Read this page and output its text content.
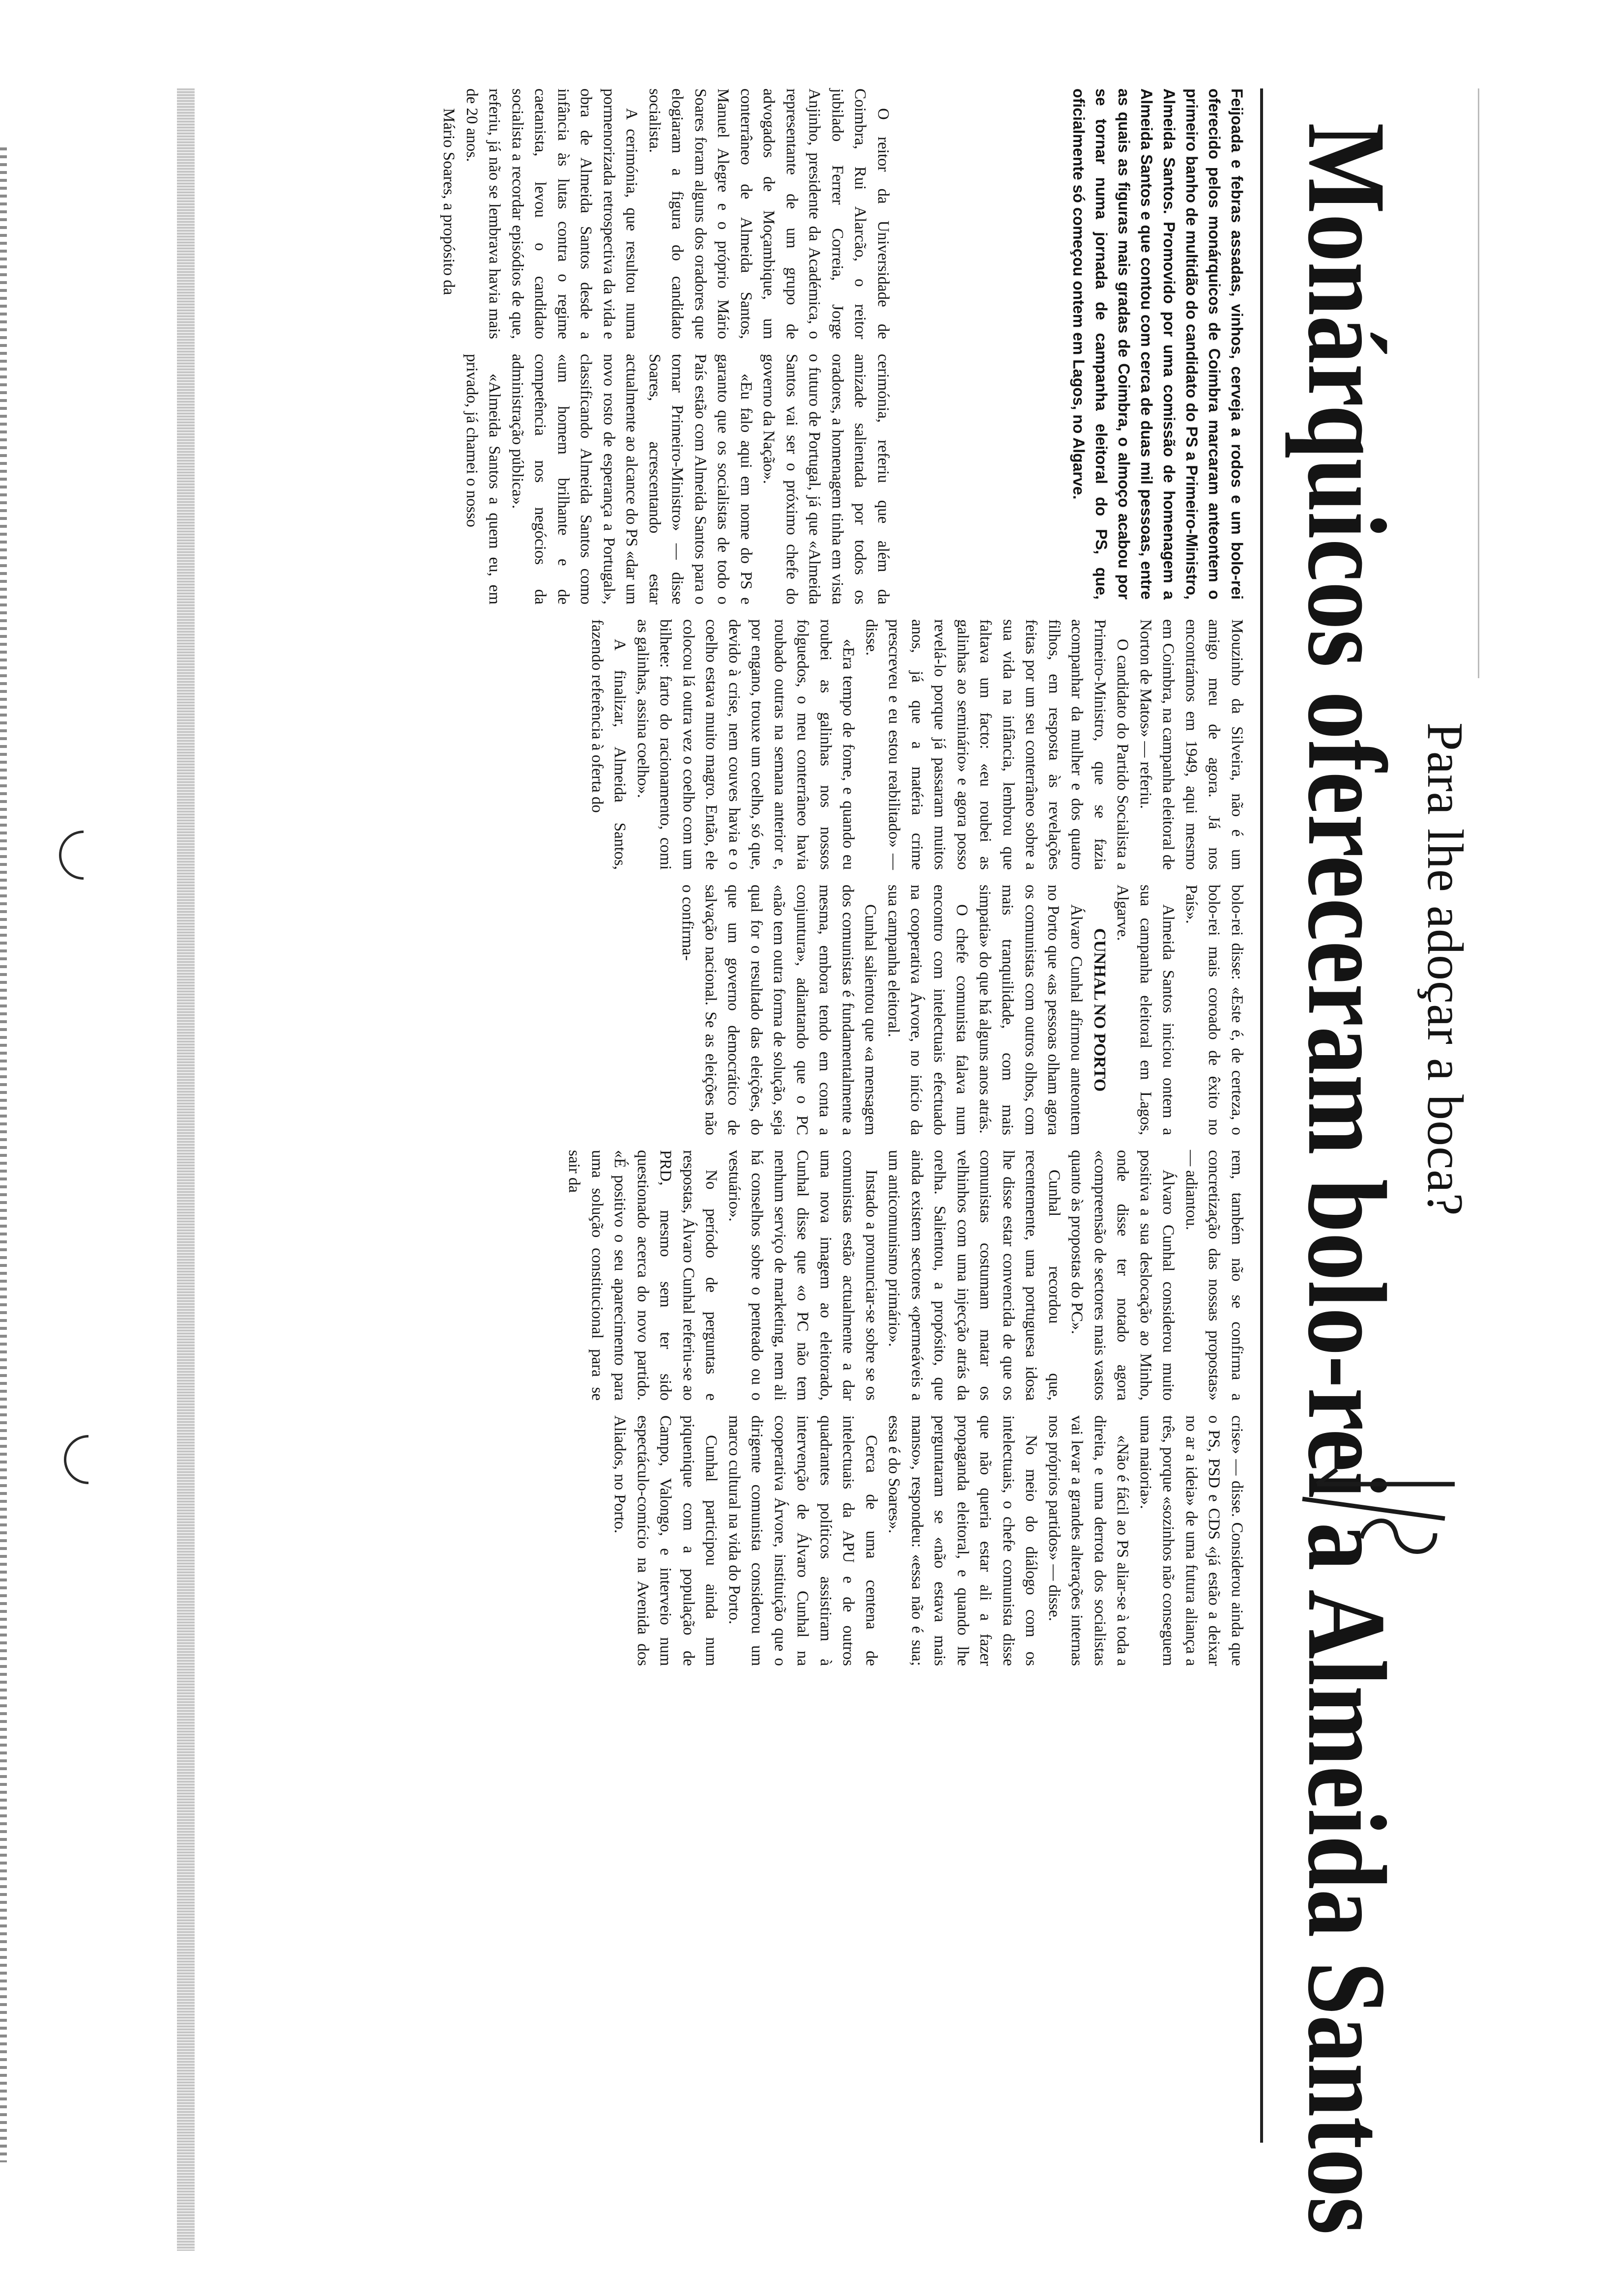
Para lhe adoçar a boca?
Monárquicos ofereceram bolo-rei a Almeida Santos

Feijoada e febras assadas, vinhos, cerveja a rodos e um bolo-rei oferecido pelos monárquicos de Coimbra marcaram anteontem o primeiro banho de multidão do candidato do PS a Primeiro-Ministro, Almeida Santos. Promovido por uma comissão de homenagem a Almeida Santos e que contou com cerca de duas mil pessoas, entre as quais as figuras mais gradas de Coimbra, o almoço acabou por se tornar numa jornada de campanha eleitoral do PS, que, oficialmente só começou ontem em Lagos, no Algarve.

O reitor da Universidade de Coimbra, Rui Alarcão, o reitor jubilado Ferrer Correia, Jorge Anjinho, presidente da Académica, o representante de um grupo de advogados de Moçambique, um conterrâneo de Almeida Santos, Manuel Alegre e o próprio Mário Soares foram alguns dos oradores que elogiaram a figura do candidato socialista.

A cerimónia, que resultou numa pormenorizada retrospectiva da vida e obra de Almeida Santos desde a infância às lutas contra o regime caetanista, levou o candidato socialista a recordar episódios de que, referiu, já não se lembrava havia mais de 20 anos.

Mário Soares, a propósito da

cerimónia, referiu que além da amizade salientada por todos os oradores, a homenagem tinha em vista o futuro de Portugal, já que «Almeida Santos vai ser o próximo chefe do governo da Nação».

«Eu falo aqui em nome do PS e garanto que os socialistas de todo o País estão com Almeida Santos para o tornar Primeiro-Ministro» — disse Soares, acrescentando estar actualmente ao alcance do PS «dar um novo rosto de esperança a Portugal», classificando Almeida Santos como «um homem brilhante e de competência nos negócios da administração pública».

«Almeida Santos a quem eu, em privado, já chamei o nosso

Mouzinho da Silveira, não é um amigo meu de agora. Já nos encontrámos em 1949, aqui mesmo em Coimbra, na campanha eleitoral de Norton de Matos» — referiu.

O candidato do Partido Socialista a Primeiro-Ministro, que se fazia acompanhar da mulher e dos quatro filhos, em resposta às revelações feitas por um seu conterrâneo sobre a sua vida na infância, lembrou que faltava um facto: «eu roubei as galinhas ao seminário» e agora posso revelá-lo porque já passaram muitos anos, já que a matéria crime prescreveu e eu estou reabilitado» — disse.

«Era tempo de fome, e quando eu roubei as galinhas nos nossos folguedos, o meu conterrâneo havia roubado outras na semana anterior e, por engano, trouxe um coelho, só que, devido à crise, nem couves havia e o coelho estava muito magro. Então, ele colocou lá outra vez o coelho com um bilhete: farto do racionamento, comi as galinhas, assina coelho».

A finalizar, Almeida Santos, fazendo referência à oferta do

bolo-rei disse: «Este é, de certeza, o bolo-rei mais coroado de êxito no País».

Almeida Santos iniciou ontem a sua campanha eleitoral em Lagos, Algarve.

CUNHAL NO PORTO

Álvaro Cunhal afirmou anteontem no Porto que «as pessoas olham agora os comunistas com outros olhos, com mais tranquilidade, com mais simpatia» do que há alguns anos atrás.

O chefe comunista falava num encontro com intelectuais efectuado na cooperativa Árvore, no início da sua campanha eleitoral.

Cunhal salientou que «a mensagem dos comunistas é fundamentalmente a mesma, embora tendo em conta a conjuntura», adiantando que o PC «não tem outra forma de solução, seja qual for o resultado das eleições, do que um governo democrático de salvação nacional. Se as eleições não o confirma-

rem, também não se confirma a concretização das nossas propostas» — adiantou.

Álvaro Cunhal considerou muito positiva a sua deslocação ao Minho, onde disse ter notado agora «compreensão de sectores mais vastos quanto às propostas do PC».

Cunhal recordou que, recentemente, uma portuguesa idosa lhe disse estar convencida de que os comunistas costumam matar os velhinhos com uma injecção atrás da orelha. Salientou, a propósito, que ainda existem sectores «permeáveis a um anticomunismo primário».

Instado a pronunciar-se sobre se os comunistas estão actualmente a dar uma nova imagem ao eleitorado, Cunhal disse que «o PC não tem nenhum serviço de marketing, nem ali há conselhos sobre o penteado ou o vestuário».

No período de perguntas e respostas, Álvaro Cunhal referiu-se ao PRD, mesmo sem ter sido questionado acerca do novo partido. «É positivo o seu aparecimento para uma solução constitucional para se sair da

crise» — disse. Considerou ainda que o PS, PSD e CDS «já estão a deixar no ar a ideia» de uma futura aliança a três, porque «sozinhos não conseguem uma maioria».

«Não é fácil ao PS aliar-se à toda a direita, e uma derrota dos socialistas vai levar a grandes alterações internas nos próprios partidos» — disse.

No meio do diálogo com os intelectuais, o chefe comunista disse que não queria estar ali a fazer propaganda eleitoral, e quando lhe perguntaram se «não estava mais manso», respondeu: «essa não é sua; essa é do Soares».

Cerca de uma centena de intelectuais da APU e de outros quadrantes políticos assistiram à intervenção de Álvaro Cunhal na cooperativa Árvore, instituição que o dirigente comunista considerou um marco cultural na vida do Porto.

Cunhal participou ainda num piquenique com a população de Campo, Valongo, e interveio num espectáculo-comício na Avenida dos Aliados, no Porto.
